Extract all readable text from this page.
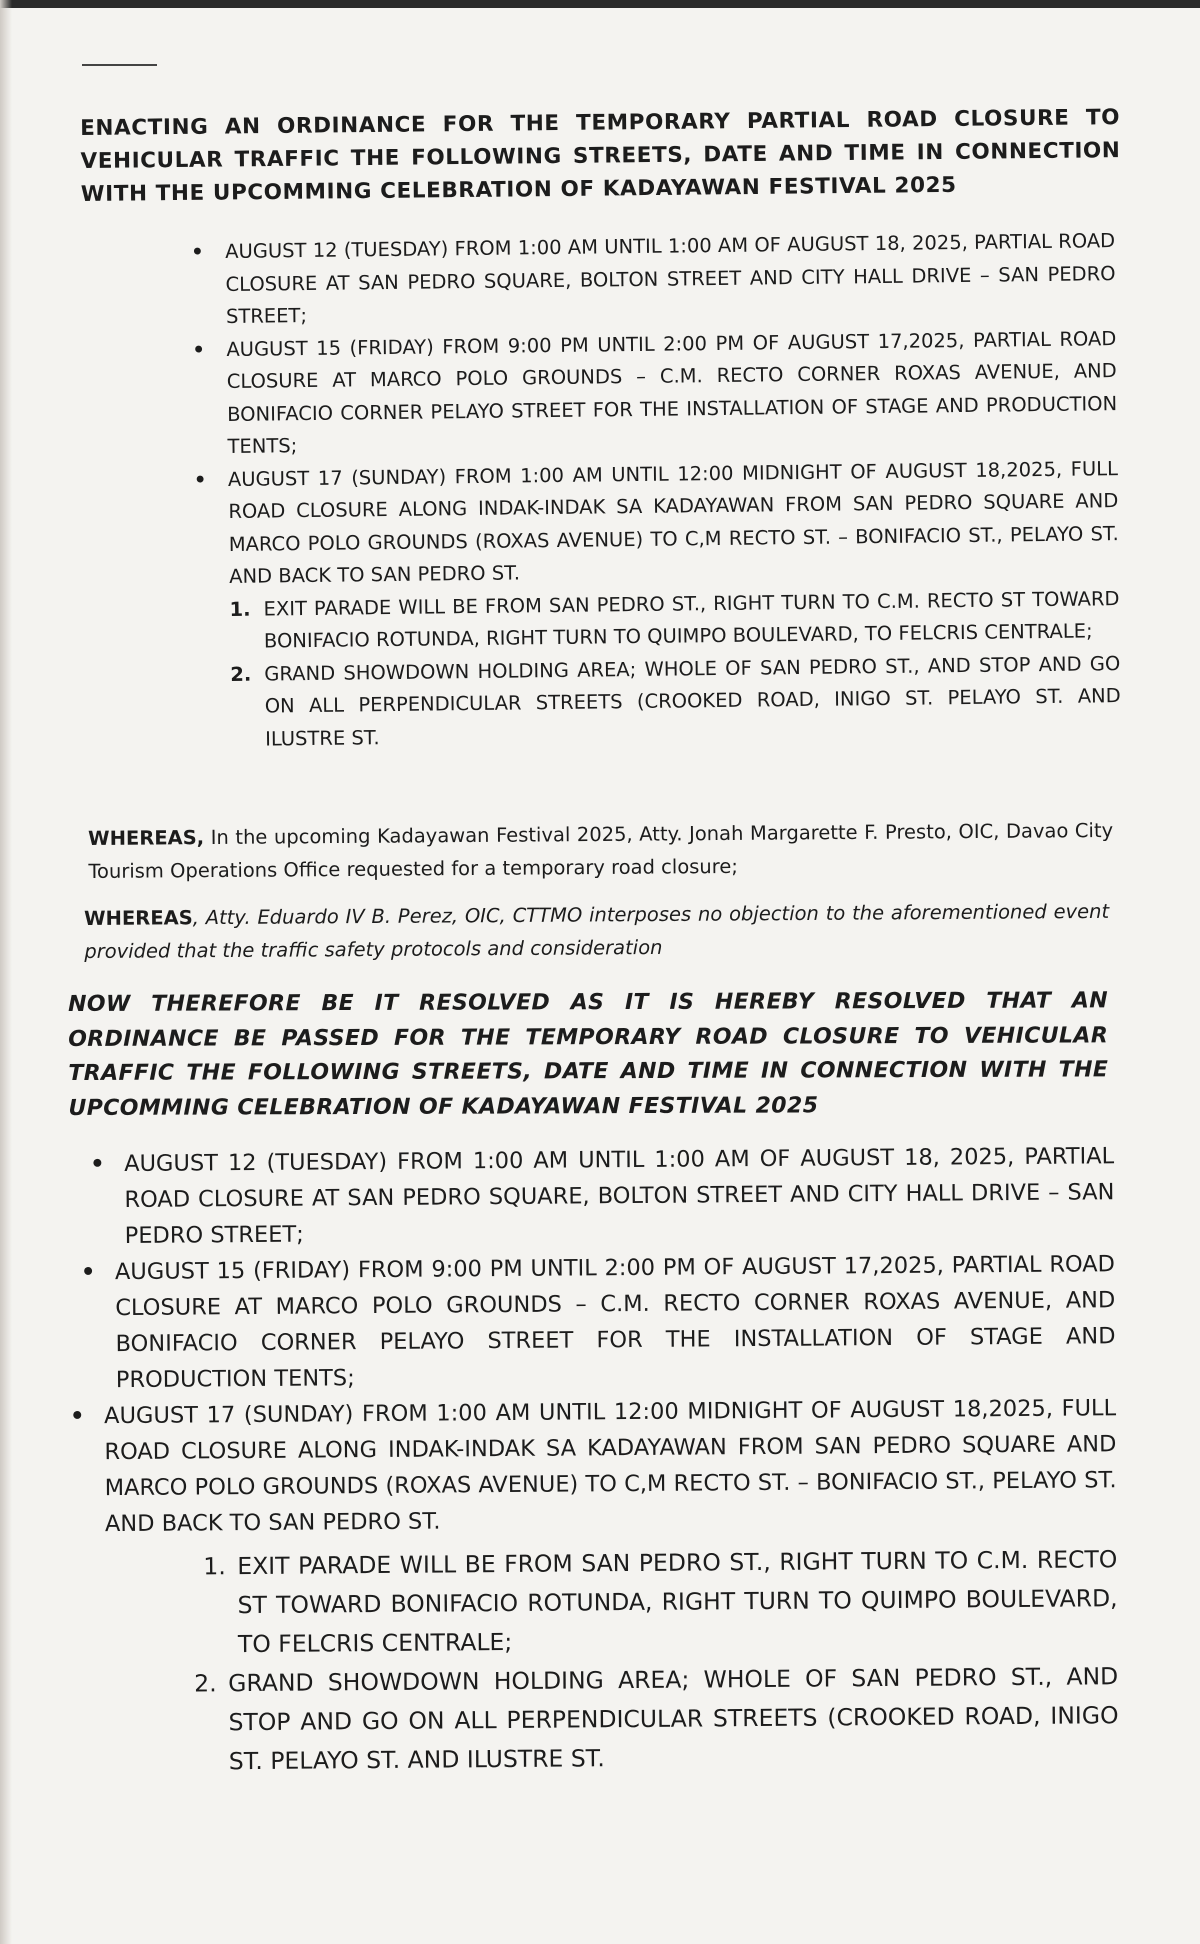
ENACTING AN ORDINANCE FOR THE TEMPORARY PARTIAL ROAD CLOSURE TO VEHICULAR TRAFFIC THE FOLLOWING STREETS, DATE AND TIME IN CONNECTION WITH THE UPCOMMING CELEBRATION OF KADAYAWAN FESTIVAL 2025
• AUGUST 12 (TUESDAY) FROM 1:00 AM UNTIL 1:00 AM OF AUGUST 18, 2025, PARTIAL ROAD CLOSURE AT SAN PEDRO SQUARE, BOLTON STREET AND CITY HALL DRIVE – SAN PEDRO STREET;
• AUGUST 15 (FRIDAY) FROM 9:00 PM UNTIL 2:00 PM OF AUGUST 17,2025, PARTIAL ROAD CLOSURE AT MARCO POLO GROUNDS – C.M. RECTO CORNER ROXAS AVENUE, AND BONIFACIO CORNER PELAYO STREET FOR THE INSTALLATION OF STAGE AND PRODUCTION TENTS;
• AUGUST 17 (SUNDAY) FROM 1:00 AM UNTIL 12:00 MIDNIGHT OF AUGUST 18,2025, FULL ROAD CLOSURE ALONG INDAK-INDAK SA KADAYAWAN FROM SAN PEDRO SQUARE AND MARCO POLO GROUNDS (ROXAS AVENUE) TO C,M RECTO ST. – BONIFACIO ST., PELAYO ST. AND BACK TO SAN PEDRO ST.
1. EXIT PARADE WILL BE FROM SAN PEDRO ST., RIGHT TURN TO C.M. RECTO ST TOWARD BONIFACIO ROTUNDA, RIGHT TURN TO QUIMPO BOULEVARD, TO FELCRIS CENTRALE;
2. GRAND SHOWDOWN HOLDING AREA; WHOLE OF SAN PEDRO ST., AND STOP AND GO ON ALL PERPENDICULAR STREETS (CROOKED ROAD, INIGO ST. PELAYO ST. AND ILUSTRE ST.

WHEREAS, In the upcoming Kadayawan Festival 2025, Atty. Jonah Margarette F. Presto, OIC, Davao City Tourism Operations Office requested for a temporary road closure;

WHEREAS, Atty. Eduardo IV B. Perez, OIC, CTTMO interposes no objection to the aforementioned event provided that the traffic safety protocols and consideration

NOW THEREFORE BE IT RESOLVED AS IT IS HEREBY RESOLVED THAT AN ORDINANCE BE PASSED FOR THE TEMPORARY ROAD CLOSURE TO VEHICULAR TRAFFIC THE FOLLOWING STREETS, DATE AND TIME IN CONNECTION WITH THE UPCOMMING CELEBRATION OF KADAYAWAN FESTIVAL 2025
• AUGUST 12 (TUESDAY) FROM 1:00 AM UNTIL 1:00 AM OF AUGUST 18, 2025, PARTIAL ROAD CLOSURE AT SAN PEDRO SQUARE, BOLTON STREET AND CITY HALL DRIVE – SAN PEDRO STREET;
• AUGUST 15 (FRIDAY) FROM 9:00 PM UNTIL 2:00 PM OF AUGUST 17,2025, PARTIAL ROAD CLOSURE AT MARCO POLO GROUNDS – C.M. RECTO CORNER ROXAS AVENUE, AND BONIFACIO CORNER PELAYO STREET FOR THE INSTALLATION OF STAGE AND PRODUCTION TENTS;
• AUGUST 17 (SUNDAY) FROM 1:00 AM UNTIL 12:00 MIDNIGHT OF AUGUST 18,2025, FULL ROAD CLOSURE ALONG INDAK-INDAK SA KADAYAWAN FROM SAN PEDRO SQUARE AND MARCO POLO GROUNDS (ROXAS AVENUE) TO C,M RECTO ST. – BONIFACIO ST., PELAYO ST. AND BACK TO SAN PEDRO ST.
1. EXIT PARADE WILL BE FROM SAN PEDRO ST., RIGHT TURN TO C.M. RECTO ST TOWARD BONIFACIO ROTUNDA, RIGHT TURN TO QUIMPO BOULEVARD, TO FELCRIS CENTRALE;
2. GRAND SHOWDOWN HOLDING AREA; WHOLE OF SAN PEDRO ST., AND STOP AND GO ON ALL PERPENDICULAR STREETS (CROOKED ROAD, INIGO ST. PELAYO ST. AND ILUSTRE ST.
